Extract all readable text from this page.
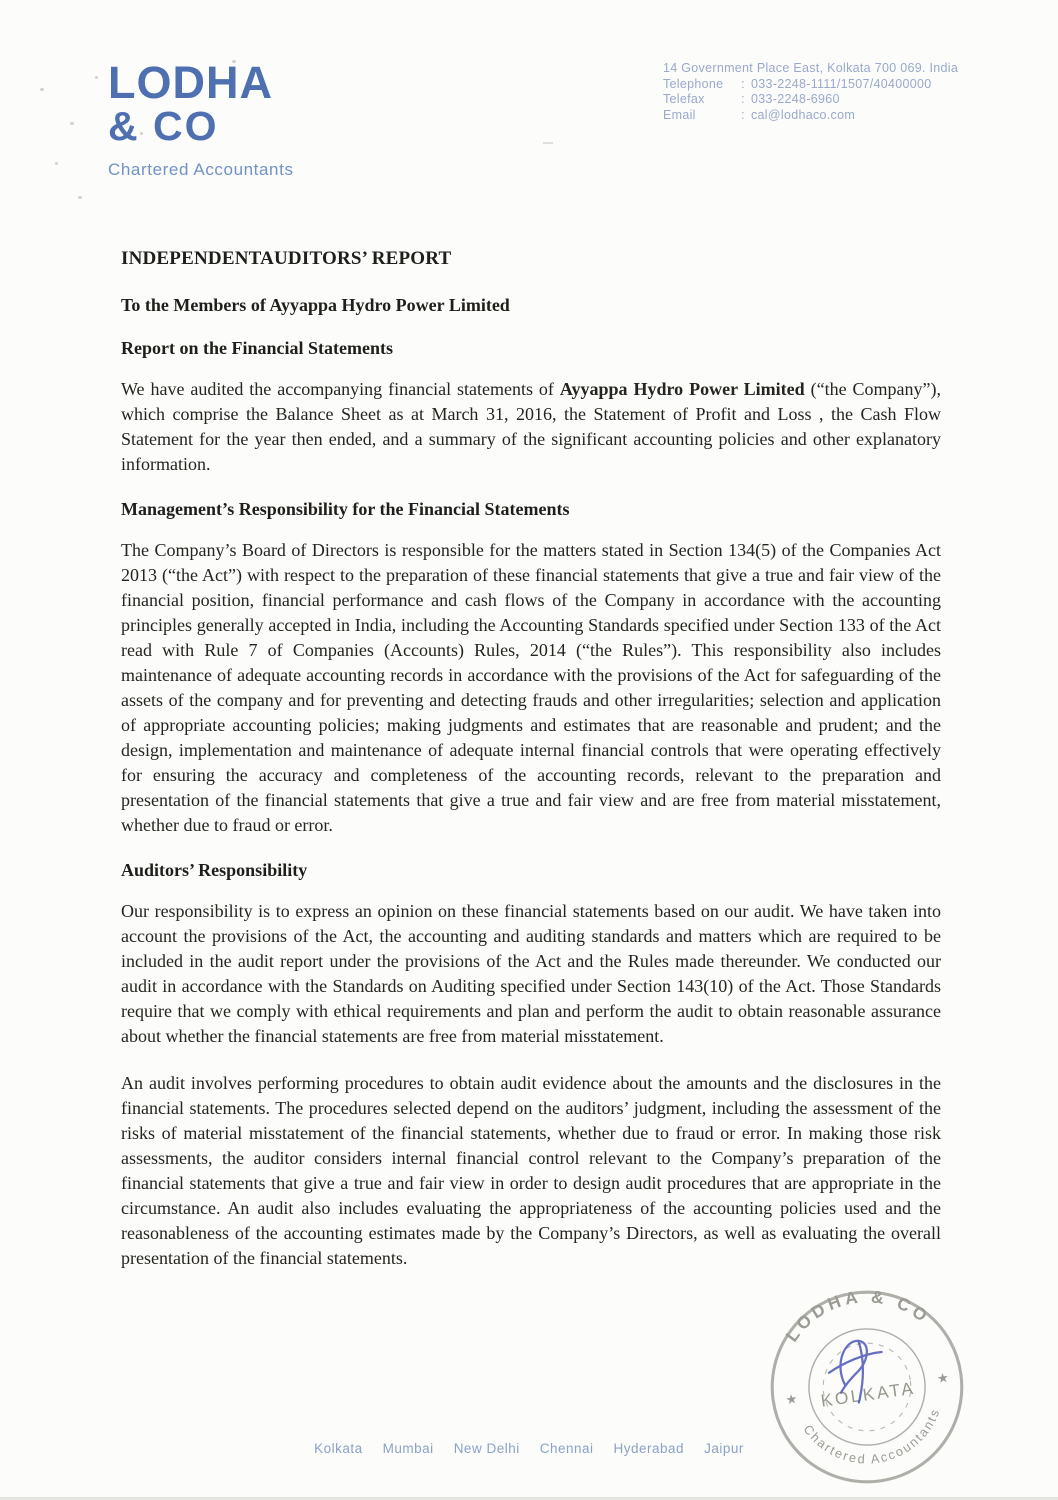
LODHA
& CO
Chartered Accountants
14 Government Place East, Kolkata 700 069. India
Telephone : 033-2248-1111/1507/40400000
Telefax	: 033-2248-6960
Email	: cal@lodhaco.com
INDEPENDENTAUDITORS’ REPORT
To the Members of Ayyappa Hydro Power Limited
Report on the Financial Statements

We have audited the accompanying financial statements of Ayyappa Hydro Power Limited (“the Company”), which comprise the Balance Sheet as at March 31, 2016, the Statement of Profit and Loss , the Cash Flow Statement for the year then ended, and a summary of the significant accounting policies and other explanatory information.

Management’s Responsibility for the Financial Statements

The Company’s Board of Directors is responsible for the matters stated in Section 134(5) of the Companies Act 2013 (“the Act”) with respect to the preparation of these financial statements that give a true and fair view of the financial position, financial performance and cash flows of the Company in accordance with the accounting principles generally accepted in India, including the Accounting Standards specified under Section 133 of the Act read with Rule 7 of Companies (Accounts) Rules, 2014 (“the Rules”). This responsibility also includes maintenance of adequate accounting records in accordance with the provisions of the Act for safeguarding of the assets of the company and for preventing and detecting frauds and other irregularities; selection and application of appropriate accounting policies; making judgments and estimates that are reasonable and prudent; and the design, implementation and maintenance of adequate internal financial controls that were operating effectively for ensuring the accuracy and completeness of the accounting records, relevant to the preparation and presentation of the financial statements that give a true and fair view and are free from material misstatement, whether due to fraud or error.

Auditors’ Responsibility

Our responsibility is to express an opinion on these financial statements based on our audit. We have taken into account the provisions of the Act, the accounting and auditing standards and matters which are required to be included in the audit report under the provisions of the Act and the Rules made thereunder. We conducted our audit in accordance with the Standards on Auditing specified under Section 143(10) of the Act. Those Standards require that we comply with ethical requirements and plan and perform the audit to obtain reasonable assurance about whether the financial statements are free from material misstatement.

An audit involves performing procedures to obtain audit evidence about the amounts and the disclosures in the financial statements. The procedures selected depend on the auditors’ judgment, including the assessment of the risks of material misstatement of the financial statements, whether due to fraud or error. In making those risk assessments, the auditor considers internal financial control relevant to the Company’s preparation of the financial statements that give a true and fair view in order to design audit procedures that are appropriate in the circumstance. An audit also includes evaluating the appropriateness of the accounting policies used and the reasonableness of the accounting estimates made by the Company’s Directors, as well as evaluating the overall presentation of the financial statements.

LODHA & CO
Chartered Accountants
★
★
KOLKATA
Kolkata Mumbai New Delhi Chennai Hyderabad Jaipur
